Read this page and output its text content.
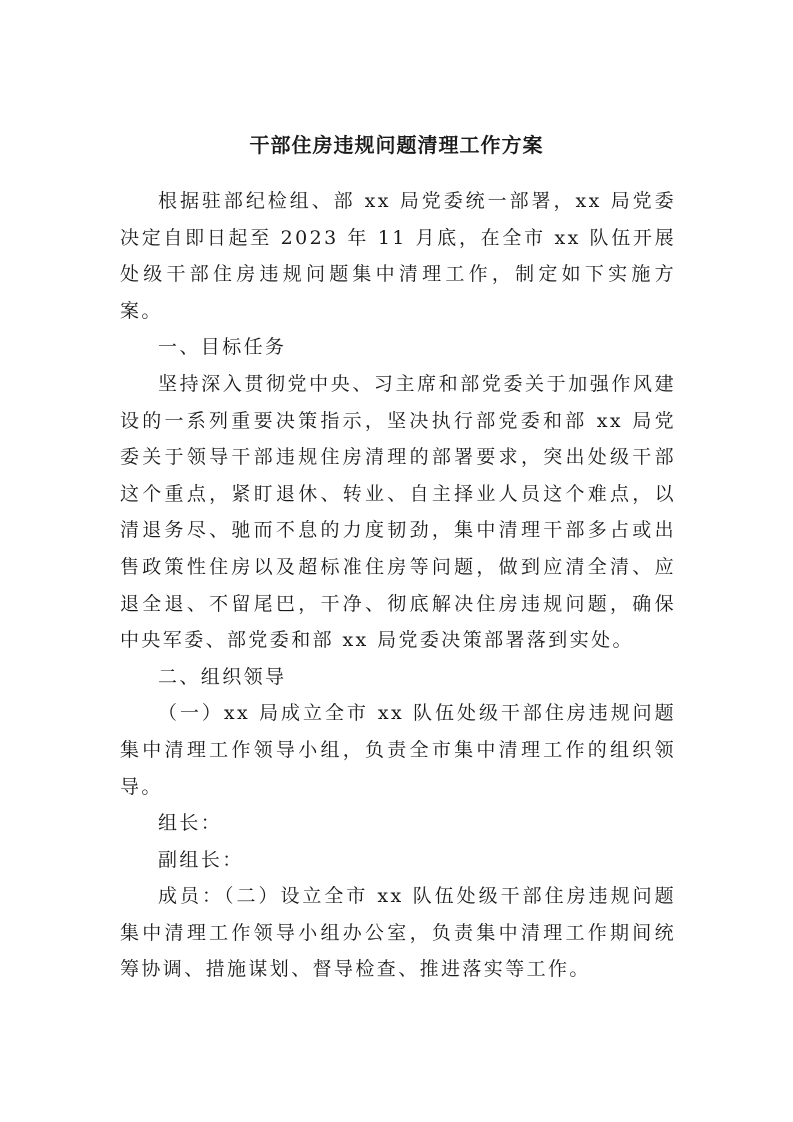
干部住房违规问题清理工作方案

根据驻部纪检组、部 xx 局党委统一部署，xx 局党委决定自即日起至 2023 年 11 月底，在全市 xx 队伍开展处级干部住房违规问题集中清理工作，制定如下实施方案。

一、目标任务

坚持深入贯彻党中央、习主席和部党委关于加强作风建设的一系列重要决策指示，坚决执行部党委和部 xx 局党委关于领导干部违规住房清理的部署要求，突出处级干部这个重点，紧盯退休、转业、自主择业人员这个难点，以清退务尽、驰而不息的力度韧劲，集中清理干部多占或出售政策性住房以及超标准住房等问题，做到应清全清、应退全退、不留尾巴，干净、彻底解决住房违规问题，确保中央军委、部党委和部 xx 局党委决策部署落到实处。

二、组织领导

（一）xx 局成立全市 xx 队伍处级干部住房违规问题集中清理工作领导小组，负责全市集中清理工作的组织领导。

组长：

副组长：

成员：（二）设立全市 xx 队伍处级干部住房违规问题集中清理工作领导小组办公室，负责集中清理工作期间统筹协调、措施谋划、督导检查、推进落实等工作。
